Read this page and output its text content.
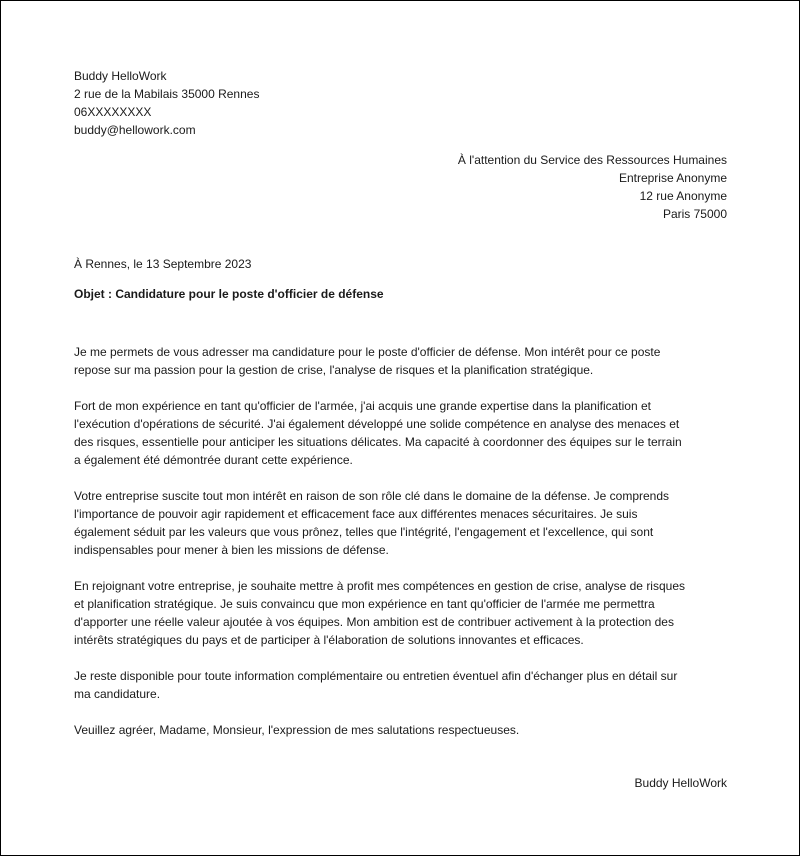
Buddy HelloWork
2 rue de la Mabilais 35000 Rennes
06XXXXXXXX
buddy@hellowork.com
À l'attention du Service des Ressources Humaines
Entreprise Anonyme
12 rue Anonyme
Paris 75000
À Rennes, le 13 Septembre 2023
Objet : Candidature pour le poste d'officier de défense

Je me permets de vous adresser ma candidature pour le poste d'officier de défense. Mon intérêt pour ce poste
repose sur ma passion pour la gestion de crise, l'analyse de risques et la planification stratégique.

Fort de mon expérience en tant qu'officier de l'armée, j'ai acquis une grande expertise dans la planification et
l'exécution d'opérations de sécurité. J'ai également développé une solide compétence en analyse des menaces et
des risques, essentielle pour anticiper les situations délicates. Ma capacité à coordonner des équipes sur le terrain
a également été démontrée durant cette expérience.

Votre entreprise suscite tout mon intérêt en raison de son rôle clé dans le domaine de la défense. Je comprends
l'importance de pouvoir agir rapidement et efficacement face aux différentes menaces sécuritaires. Je suis
également séduit par les valeurs que vous prônez, telles que l'intégrité, l'engagement et l'excellence, qui sont
indispensables pour mener à bien les missions de défense.

En rejoignant votre entreprise, je souhaite mettre à profit mes compétences en gestion de crise, analyse de risques
et planification stratégique. Je suis convaincu que mon expérience en tant qu'officier de l'armée me permettra
d'apporter une réelle valeur ajoutée à vos équipes. Mon ambition est de contribuer activement à la protection des
intérêts stratégiques du pays et de participer à l'élaboration de solutions innovantes et efficaces.

Je reste disponible pour toute information complémentaire ou entretien éventuel afin d'échanger plus en détail sur
ma candidature.

Veuillez agréer, Madame, Monsieur, l'expression de mes salutations respectueuses.

Buddy HelloWork
